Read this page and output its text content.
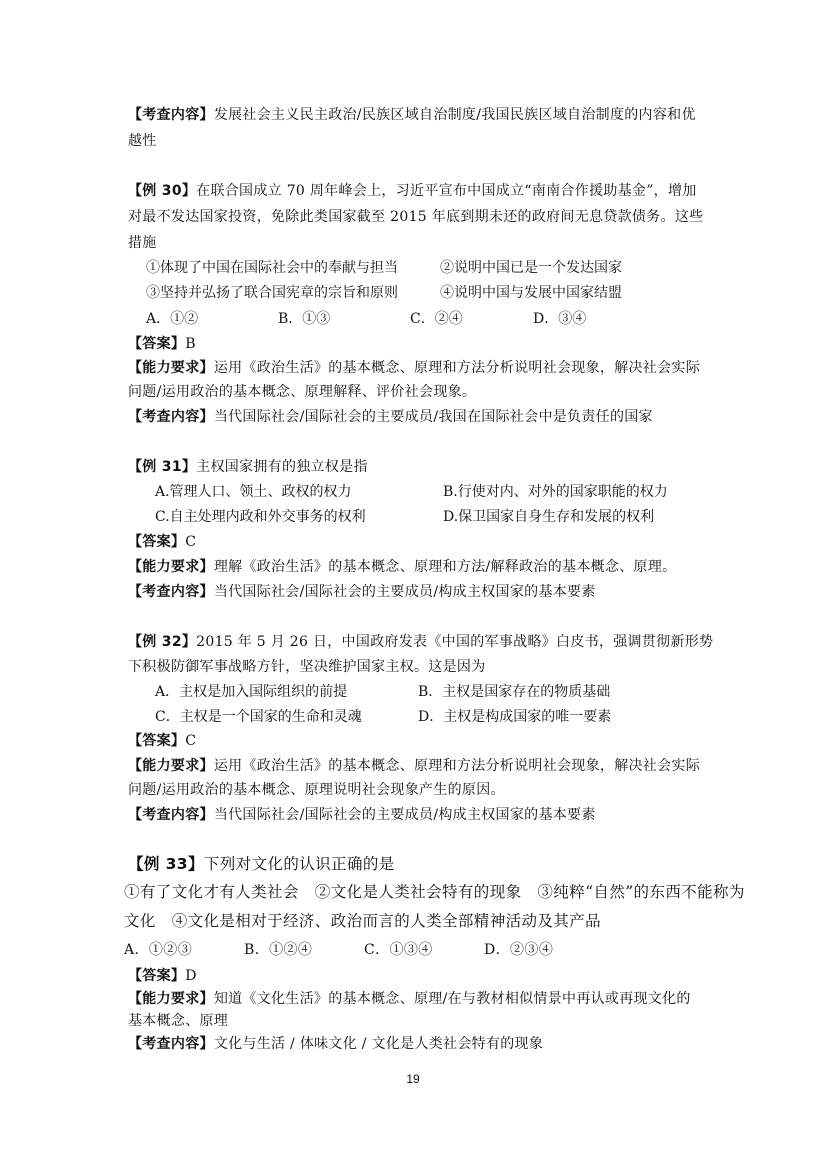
【考查内容】发展社会主义民主政治/民族区域自治制度/我国民族区域自治制度的内容和优
越性
【例 30】在联合国成立 70 周年峰会上，习近平宣布中国成立“南南合作援助基金”，增加
对最不发达国家投资，免除此类国家截至 2015 年底到期未还的政府间无息贷款债务。这些
措施
①体现了中国在国际社会中的奉献与担当	②说明中国已是一个发达国家
③坚持并弘扬了联合国宪章的宗旨和原则	④说明中国与发展中国家结盟
A．①②	B．①③	C．②④	D．③④
【答案】B
【能力要求】运用《政治生活》的基本概念、原理和方法分析说明社会现象，解决社会实际
问题/运用政治的基本概念、原理解释、评价社会现象。
【考查内容】当代国际社会/国际社会的主要成员/我国在国际社会中是负责任的国家
【例 31】主权国家拥有的独立权是指
A.管理人口、领土、政权的权力	B.行使对内、对外的国家职能的权力
C.自主处理内政和外交事务的权利	D.保卫国家自身生存和发展的权利
【答案】C
【能力要求】理解《政治生活》的基本概念、原理和方法/解释政治的基本概念、原理。
【考查内容】当代国际社会/国际社会的主要成员/构成主权国家的基本要素
【例 32】2015 年 5 月 26 日，中国政府发表《中国的军事战略》白皮书，强调贯彻新形势
下积极防御军事战略方针，坚决维护国家主权。这是因为
A．主权是加入国际组织的前提	B．主权是国家存在的物质基础
C．主权是一个国家的生命和灵魂	D．主权是构成国家的唯一要素
【答案】C
【能力要求】运用《政治生活》的基本概念、原理和方法分析说明社会现象，解决社会实际
问题/运用政治的基本概念、原理说明社会现象产生的原因。
【考查内容】当代国际社会/国际社会的主要成员/构成主权国家的基本要素
【例 33】下列对文化的认识正确的是
①有了文化才有人类社会　②文化是人类社会特有的现象　③纯粹“自然”的东西不能称为
文化　④文化是相对于经济、政治而言的人类全部精神活动及其产品
A．①②③	B．①②④	C．①③④	D．②③④
【答案】D
【能力要求】知道《文化生活》的基本概念、原理/在与教材相似情景中再认或再现文化的
基本概念、原理
【考查内容】文化与生活 / 体味文化 / 文化是人类社会特有的现象
19
